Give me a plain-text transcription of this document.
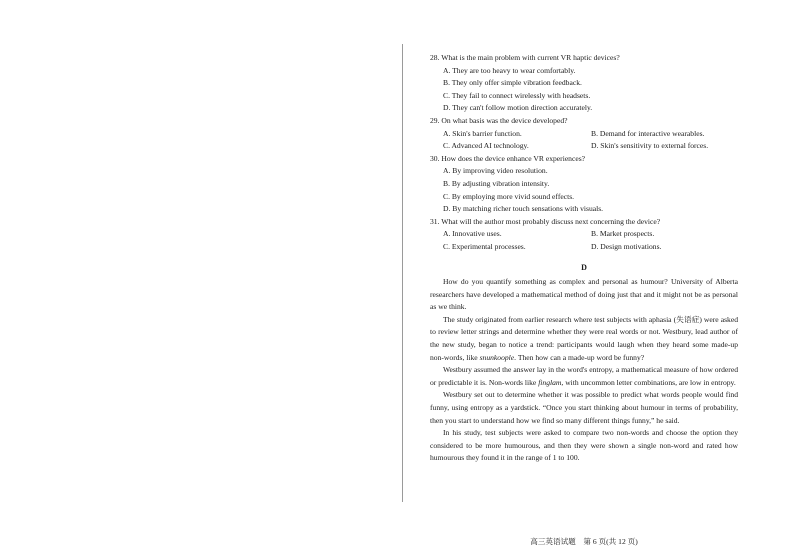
28. What is the main problem with current VR haptic devices?
A. They are too heavy to wear comfortably.
B. They only offer simple vibration feedback.
C. They fail to connect wirelessly with headsets.
D. They can't follow motion direction accurately.
29. On what basis was the device developed?
A. Skin's barrier function.	B. Demand for interactive wearables.
C. Advanced AI technology.	D. Skin's sensitivity to external forces.
30. How does the device enhance VR experiences?
A. By improving video resolution.
B. By adjusting vibration intensity.
C. By employing more vivid sound effects.
D. By matching richer touch sensations with visuals.
31. What will the author most probably discuss next concerning the device?
A. Innovative uses.	B. Market prospects.
C. Experimental processes.	D. Design motivations.
D
How do you quantify something as complex and personal as humour? University of Alberta researchers have developed a mathematical method of doing just that and it might not be as personal as we think.
The study originated from earlier research where test subjects with aphasia (失语症) were asked to review letter strings and determine whether they were real words or not. Westbury, lead author of the new study, began to notice a trend: participants would laugh when they heard some made-up non-words, like snunkoople. Then how can a made-up word be funny?
Westbury assumed the answer lay in the word's entropy, a mathematical measure of how ordered or predictable it is. Non-words like finglam, with uncommon letter combinations, are low in entropy.
Westbury set out to determine whether it was possible to predict what words people would find funny, using entropy as a yardstick. “Once you start thinking about humour in terms of probability, then you start to understand how we find so many different things funny,” he said.
In his study, test subjects were asked to compare two non-words and choose the option they considered to be more humourous, and then they were shown a single non-word and rated how humourous they found it in the range of 1 to 100.
高三英语试题　第 6 页(共 12 页)
